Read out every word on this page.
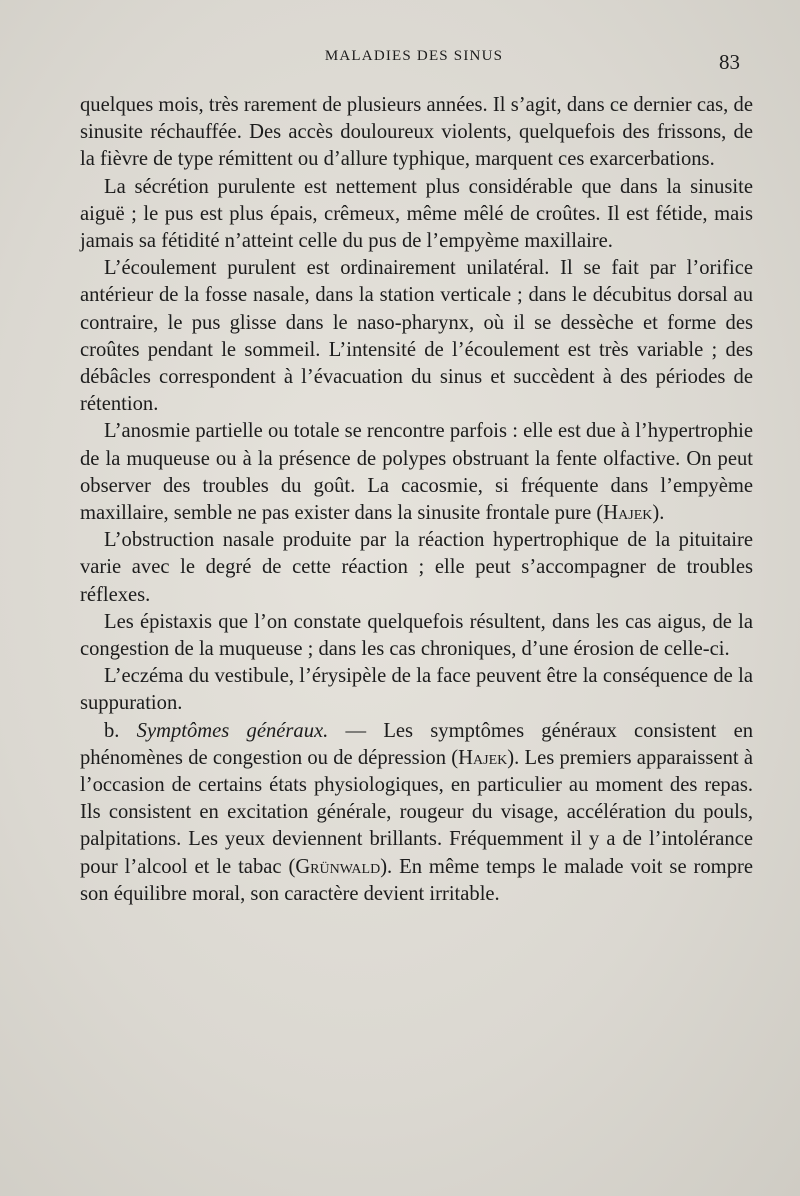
MALADIES DES SINUS	83

quelques mois, très rarement de plusieurs années. Il s’agit, dans ce dernier cas, de sinusite réchauffée. Des accès douloureux violents, quelquefois des frissons, de la fièvre de type rémittent ou d’allure typhique, marquent ces exarcerbations.

La sécrétion purulente est nettement plus considérable que dans la sinusite aiguë ; le pus est plus épais, crêmeux, même mêlé de croûtes. Il est fétide, mais jamais sa fétidité n’atteint celle du pus de l’empyème maxillaire.

L’écoulement purulent est ordinairement unilatéral. Il se fait par l’orifice antérieur de la fosse nasale, dans la station verticale ; dans le décubitus dorsal au contraire, le pus glisse dans le naso-pharynx, où il se dessèche et forme des croûtes pendant le sommeil. L’intensité de l’écoulement est très variable ; des débâcles correspondent à l’évacuation du sinus et succèdent à des périodes de rétention.

L’anosmie partielle ou totale se rencontre parfois : elle est due à l’hypertrophie de la muqueuse ou à la présence de polypes obstruant la fente olfactive. On peut observer des troubles du goût. La cacosmie, si fréquente dans l’empyème maxillaire, semble ne pas exister dans la sinusite frontale pure (Hajek).

L’obstruction nasale produite par la réaction hypertrophique de la pituitaire varie avec le degré de cette réaction ; elle peut s’accompagner de troubles réflexes.

Les épistaxis que l’on constate quelquefois résultent, dans les cas aigus, de la congestion de la muqueuse ; dans les cas chroniques, d’une érosion de celle-ci.

L’eczéma du vestibule, l’érysipèle de la face peuvent être la conséquence de la suppuration.

b. Symptômes généraux. — Les symptômes généraux consistent en phénomènes de congestion ou de dépression (Hajek). Les premiers apparaissent à l’occasion de certains états physiologiques, en particulier au moment des repas. Ils consistent en excitation générale, rougeur du visage, accélération du pouls, palpitations. Les yeux deviennent brillants. Fréquemment il y a de l’intolérance pour l’alcool et le tabac (Grünwald). En même temps le malade voit se rompre son équilibre moral, son caractère devient irritable.
